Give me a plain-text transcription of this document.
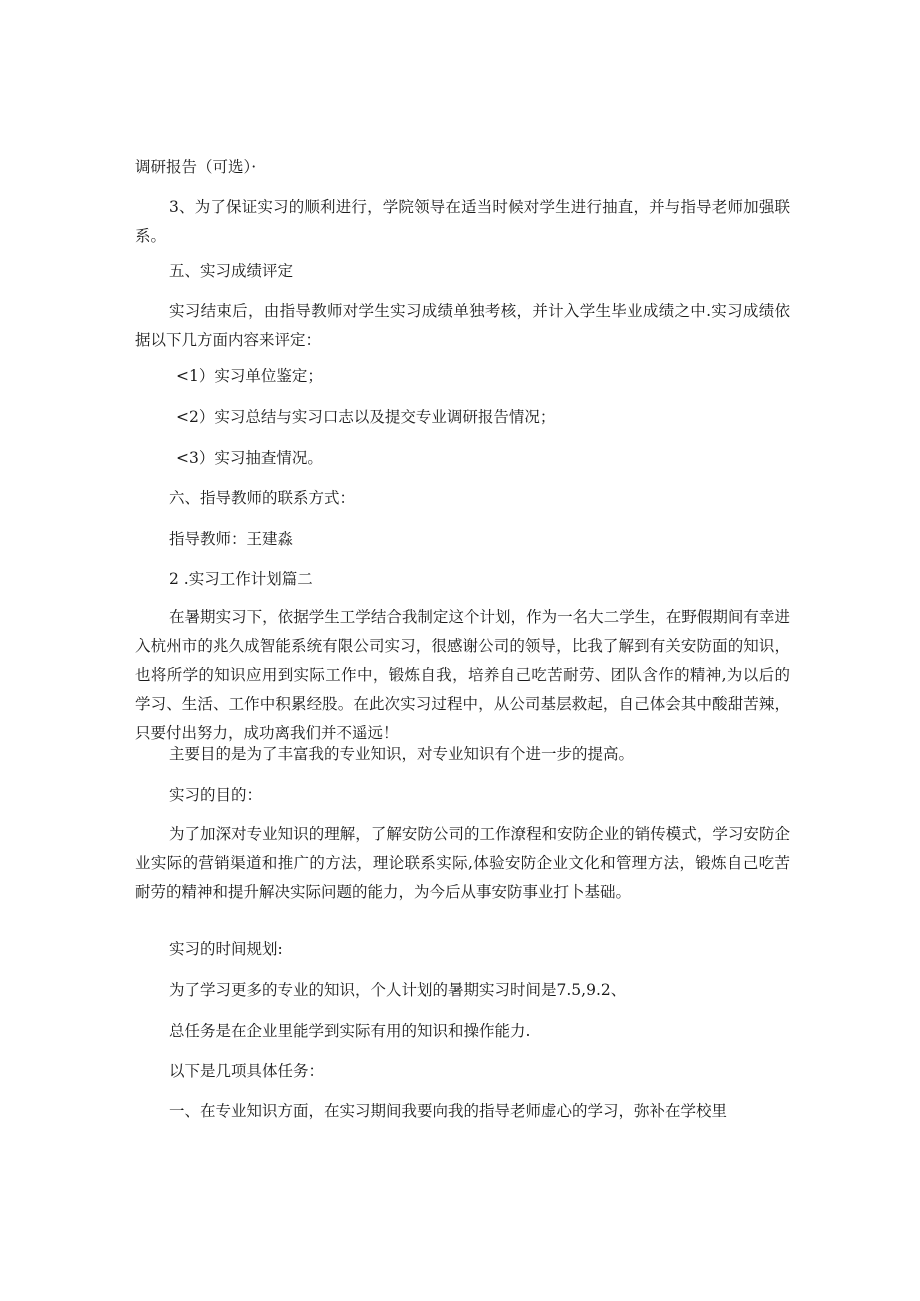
调研报告（可选）·

3、为了保证实习的顺利进行，学院领导在适当时候对学生进行抽直，并与指导老师加强联系。

五、实习成绩评定

实习结束后，由指导教师对学生实习成绩单独考核，并计入学生毕业成绩之中.实习成绩依据以下几方面内容来评定：

<1）实习单位鉴定；

<2）实习总结与实习口志以及提交专业调研报告情况；

<3）实习抽查情况。

六、指导教师的联系方式：

指导教师：王建淼

2 .实习工作计划篇二

在暑期实习下，依据学生工学结合我制定这个计划，作为一名大二学生，在野假期间有幸进入杭州市的兆久成智能系统有限公司实习，很感谢公司的领导，比我了解到有关安防面的知识，也将所学的知识应用到实际工作中，锻炼自我，培养自己吃苦耐劳、团队含作的精神,为以后的学习、生活、工作中积累经股。在此次实习过程中，从公司基层救起，自己体会其中酸甜苦辣，只要付出努力，成功离我们并不遥远！

主要目的是为了丰富我的专业知识，对专业知识有个进一步的提高。

实习的目的：

为了加深对专业知识的理解，了解安防公司的工作潦程和安防企业的销传模式，学习安防企业实际的营销渠道和推广的方法，理论联系实际,体验安防企业文化和管理方法，锻炼自己吃苦耐劳的精神和提升解决实际问题的能力，为今后从事安防事业打卜基础。

实习的时间规划:

为了学习更多的专业的知识，个人计划的暑期实习时间是7.5,9.2、

总任务是在企业里能学到实际有用的知识和操作能力.

以下是几项具体任务：

一、在专业知识方面，在实习期间我要向我的指导老师虚心的学习，弥补在学校里
